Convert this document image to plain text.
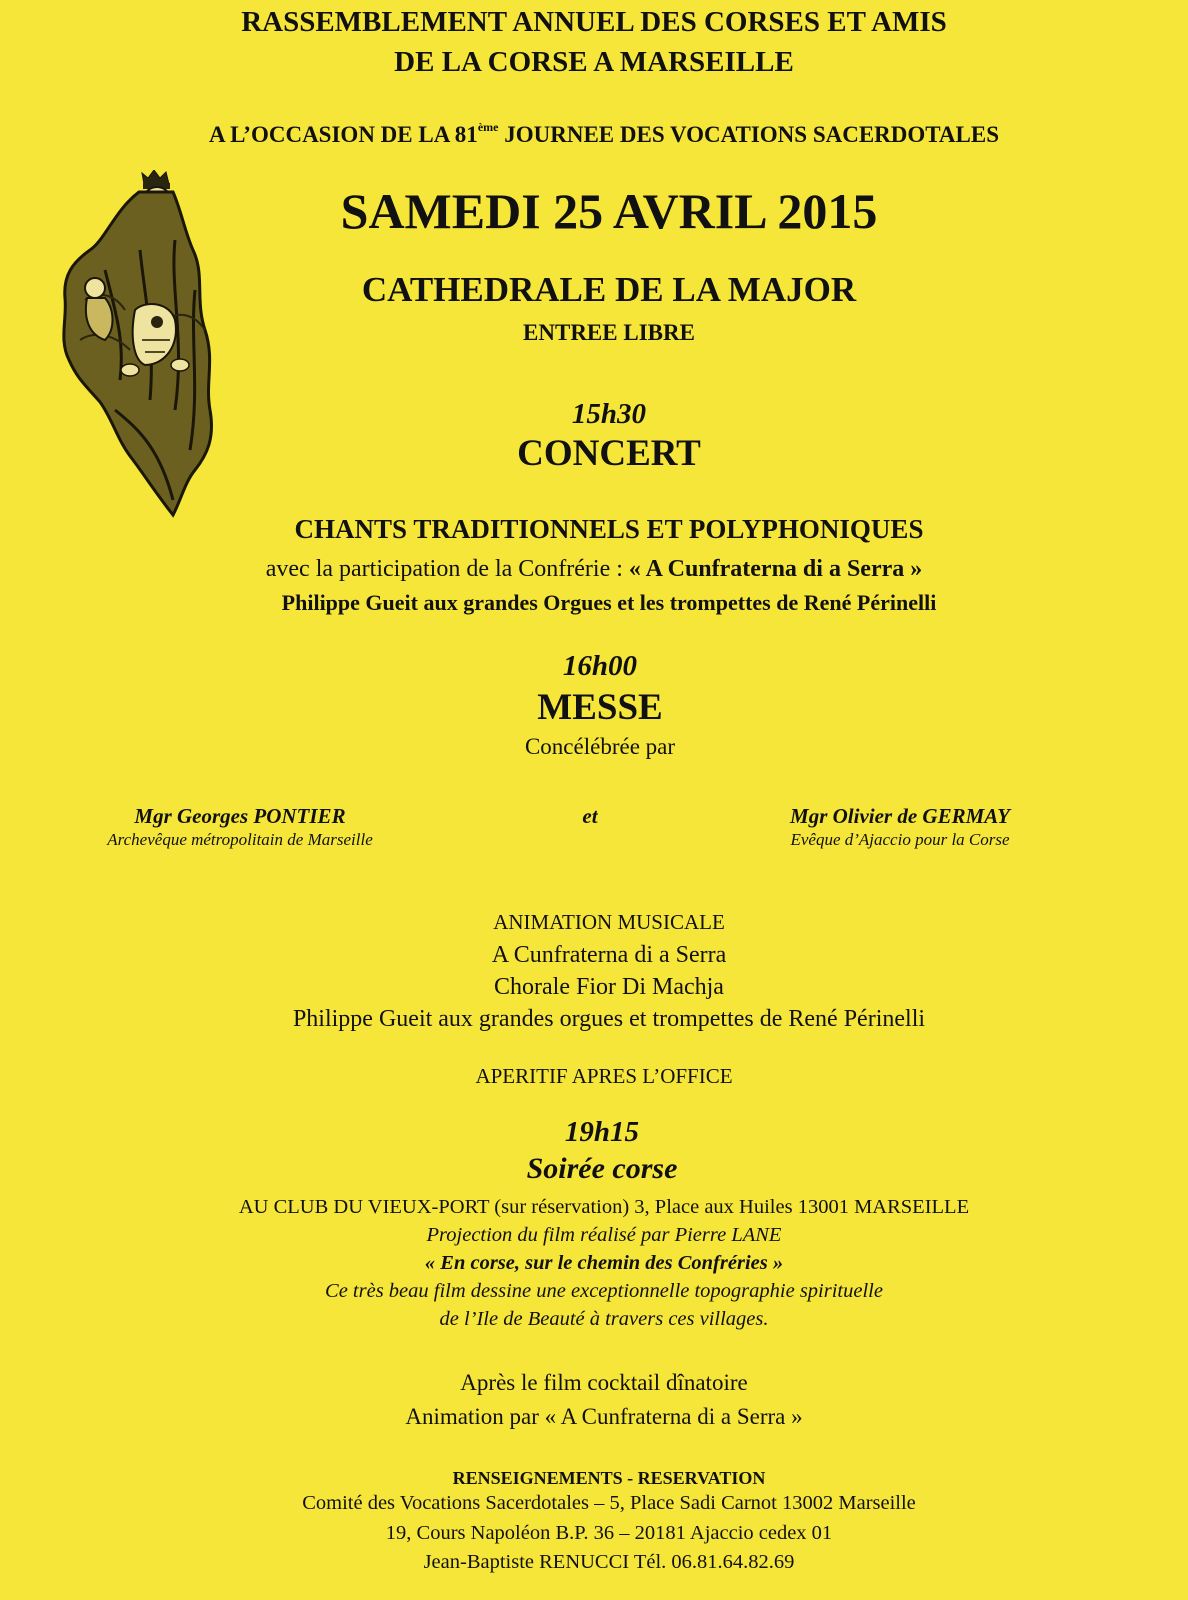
RASSEMBLEMENT ANNUEL DES CORSES ET AMIS
DE LA CORSE A MARSEILLE
A L’OCCASION DE LA 81ème JOURNEE DES VOCATIONS SACERDOTALES
SAMEDI 25 AVRIL 2015
CATHEDRALE DE LA MAJOR
ENTREE LIBRE
15h30
CONCERT
CHANTS TRADITIONNELS ET POLYPHONIQUES
avec la participation de la Confrérie : « A Cunfraterna di a Serra »
Philippe Gueit aux grandes Orgues et les trompettes de René Périnelli
16h00
MESSE
Concélébrée par
Mgr Georges PONTIER
Archevêque métropolitain de Marseille
et	Mgr Olivier de GERMAY
Evêque d’Ajaccio pour la Corse
ANIMATION MUSICALE
A Cunfraterna di a Serra
Chorale Fior Di Machja
Philippe Gueit aux grandes orgues et trompettes de René Périnelli
APERITIF APRES L’OFFICE
19h15
Soirée corse
AU CLUB DU VIEUX-PORT (sur réservation) 3, Place aux Huiles 13001 MARSEILLE
Projection du film réalisé par Pierre LANE
« En corse, sur le chemin des Confréries »
Ce très beau film dessine une exceptionnelle topographie spirituelle
de l’Ile de Beauté à travers ces villages.
Après le film cocktail dînatoire
Animation par « A Cunfraterna di a Serra »
RENSEIGNEMENTS - RESERVATION
Comité des Vocations Sacerdotales – 5, Place Sadi Carnot 13002 Marseille
19, Cours Napoléon B.P. 36 – 20181 Ajaccio cedex 01
Jean-Baptiste RENUCCI Tél. 06.81.64.82.69
